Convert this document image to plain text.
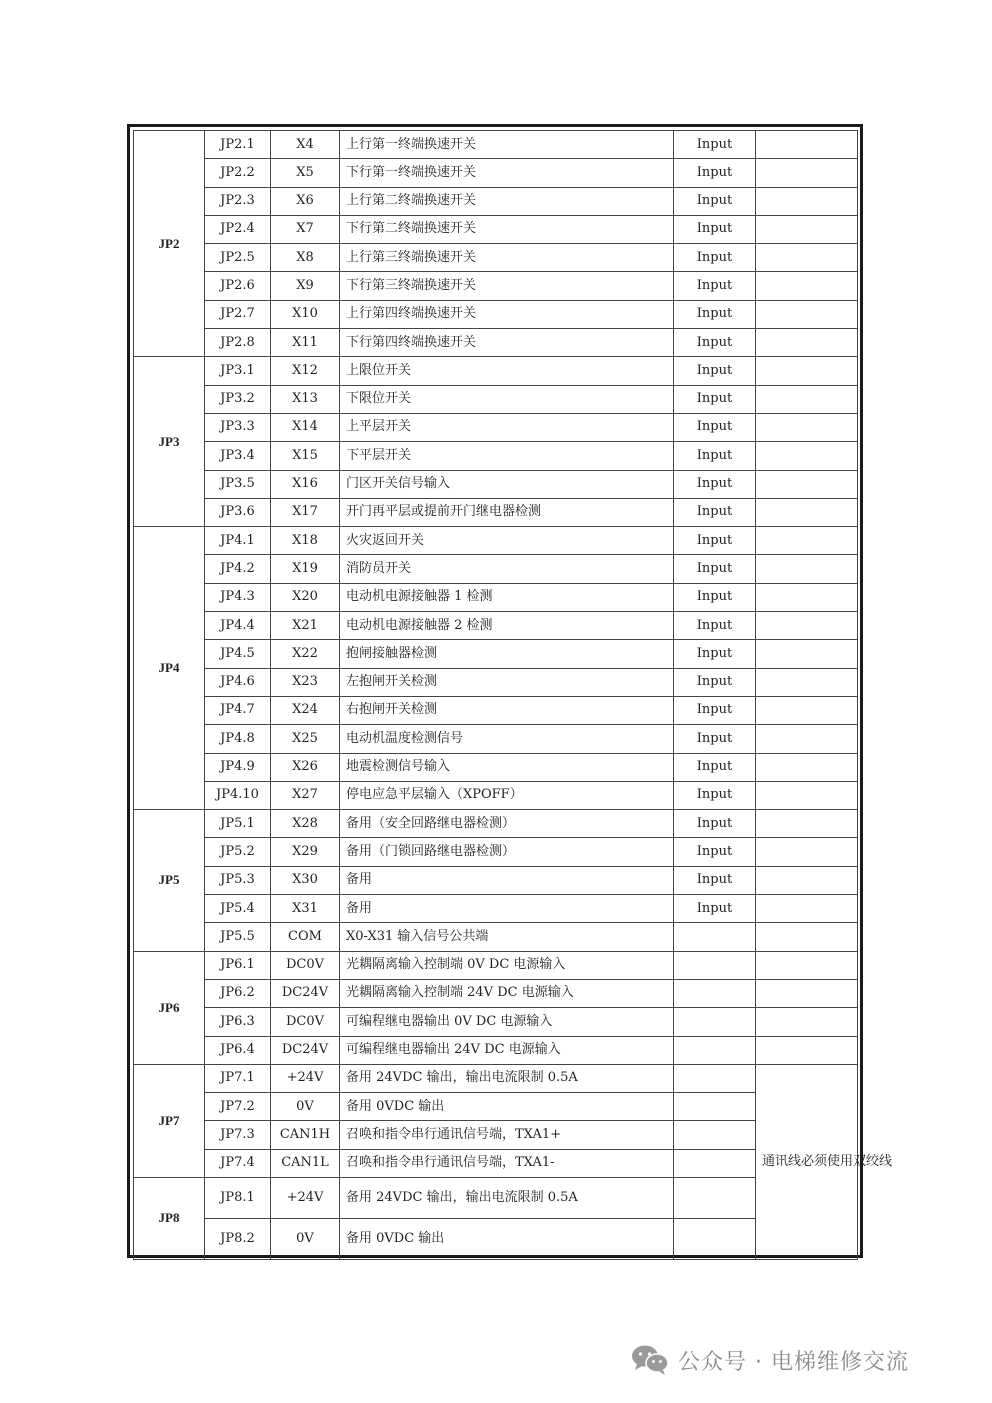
JP2	JP2.1	X4	上行第一终端换速开关	Input	
	JP2.2	X5	下行第一终端换速开关	Input	
	JP2.3	X6	上行第二终端换速开关	Input	
	JP2.4	X7	下行第二终端换速开关	Input	
	JP2.5	X8	上行第三终端换速开关	Input	
	JP2.6	X9	下行第三终端换速开关	Input	
	JP2.7	X10	上行第四终端换速开关	Input	
	JP2.8	X11	下行第四终端换速开关	Input	
JP3	JP3.1	X12	上限位开关	Input	
	JP3.2	X13	下限位开关	Input	
	JP3.3	X14	上平层开关	Input	
	JP3.4	X15	下平层开关	Input	
	JP3.5	X16	门区开关信号输入	Input	
	JP3.6	X17	开门再平层或提前开门继电器检测	Input	
JP4	JP4.1	X18	火灾返回开关	Input	
	JP4.2	X19	消防员开关	Input	
	JP4.3	X20	电动机电源接触器 1 检测	Input	
	JP4.4	X21	电动机电源接触器 2 检测	Input	
	JP4.5	X22	抱闸接触器检测	Input	
	JP4.6	X23	左抱闸开关检测	Input	
	JP4.7	X24	右抱闸开关检测	Input	
	JP4.8	X25	电动机温度检测信号	Input	
	JP4.9	X26	地震检测信号输入	Input	
	JP4.10	X27	停电应急平层输入（XPOFF）	Input	
JP5	JP5.1	X28	备用（安全回路继电器检测）	Input	
	JP5.2	X29	备用（门锁回路继电器检测）	Input	
	JP5.3	X30	备用	Input	
	JP5.4	X31	备用	Input	
	JP5.5	COM	X0-X31 输入信号公共端		
JP6	JP6.1	DC0V	光耦隔离输入控制端 0V DC 电源输入		
	JP6.2	DC24V	光耦隔离输入控制端 24V DC 电源输入		
	JP6.3	DC0V	可编程继电器输出 0V DC 电源输入		
	JP6.4	DC24V	可编程继电器输出 24V DC 电源输入		
JP7	JP7.1	+24V	备用 24VDC 输出，输出电流限制 0.5A		通讯线必须使用双绞线
	JP7.2	0V	备用 0VDC 输出		
	JP7.3	CAN1H	召唤和指令串行通讯信号端，TXA1+		
	JP7.4	CAN1L	召唤和指令串行通讯信号端，TXA1-		
JP8	JP8.1	+24V	备用 24VDC 输出，输出电流限制 0.5A		
	JP8.2	0V	备用 0VDC 输出		
公众号 · 电梯维修交流
